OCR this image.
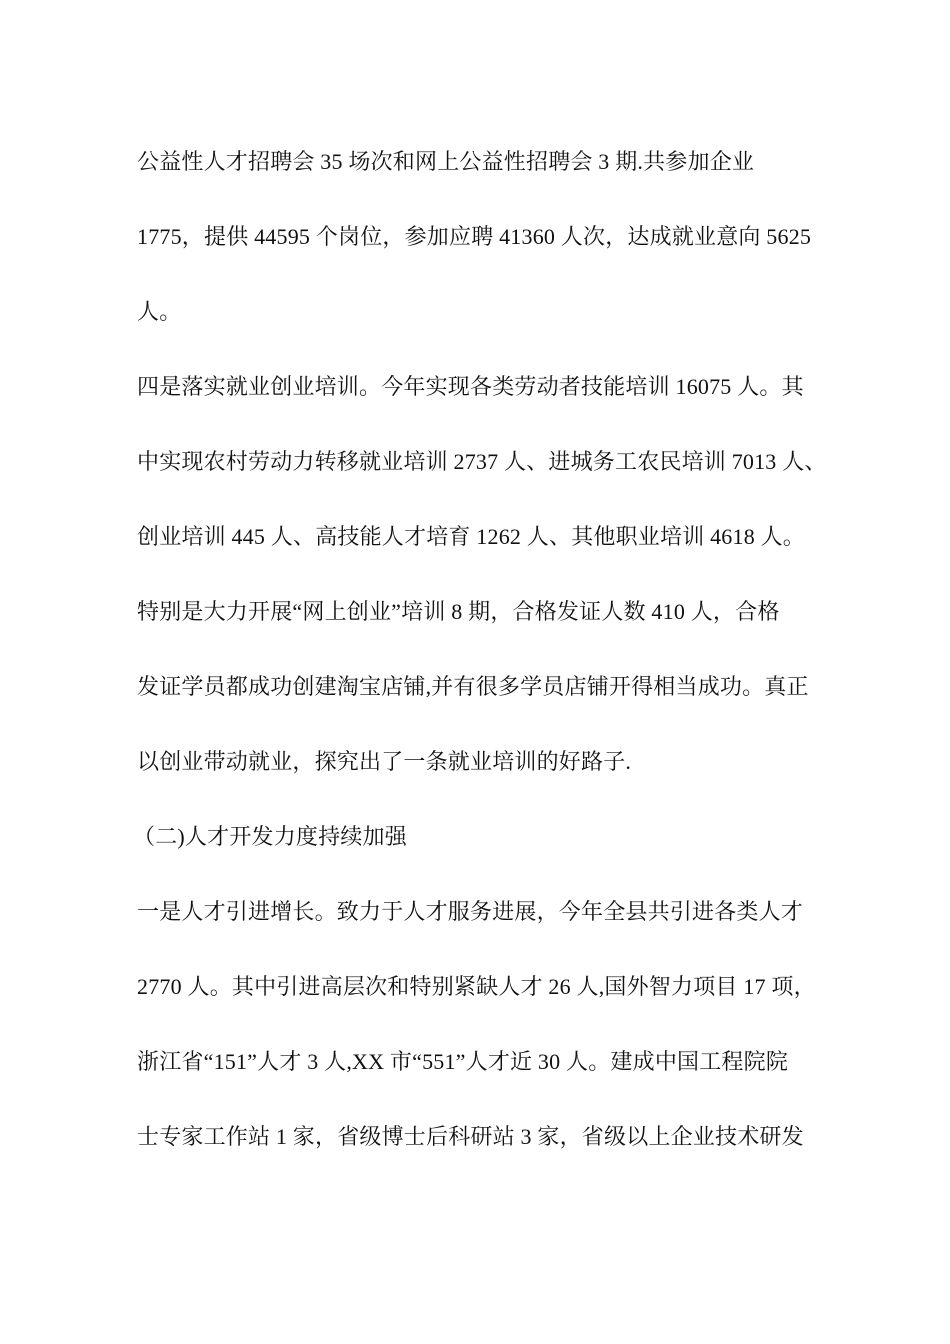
公益性人才招聘会 35 场次和网上公益性招聘会 3 期.共参加企业
1775，提供 44595 个岗位，参加应聘 41360 人次，达成就业意向 5625
人。
四是落实就业创业培训。今年实现各类劳动者技能培训 16075 人。其
中实现农村劳动力转移就业培训 2737 人、进城务工农民培训 7013 人、
创业培训 445 人、高技能人才培育 1262 人、其他职业培训 4618 人。
特别是大力开展“网上创业”培训 8 期，合格发证人数 410 人，合格
发证学员都成功创建淘宝店铺,并有很多学员店铺开得相当成功。真正
以创业带动就业，探究出了一条就业培训的好路子.
（二)人才开发力度持续加强
一是人才引进增长。致力于人才服务进展，今年全县共引进各类人才
2770 人。其中引进高层次和特别紧缺人才 26 人,国外智力项目 17 项，
浙江省“151”人才 3 人,XX 市“551”人才近 30 人。建成中国工程院院
士专家工作站 1 家，省级博士后科研站 3 家，省级以上企业技术研发
